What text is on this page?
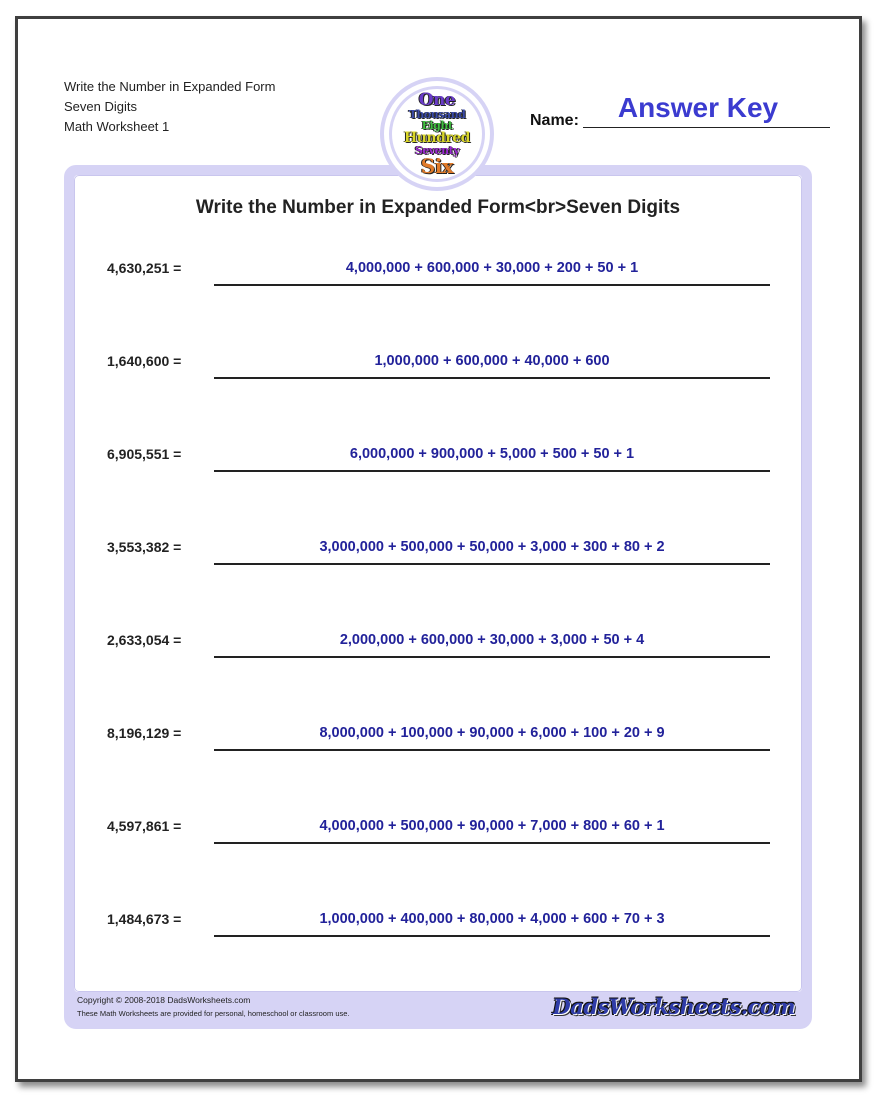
Write the Number in Expanded Form
Seven Digits
Math Worksheet 1
One
Thousand
Eight
Hundred
Seventy
Six
Name:	Answer Key
Write the Number in Expanded Form<br>Seven Digits
4,630,251 =	4,000,000 + 600,000 + 30,000 + 200 + 50 + 1
1,640,600 =	1,000,000 + 600,000 + 40,000 + 600
6,905,551 =	6,000,000 + 900,000 + 5,000 + 500 + 50 + 1
3,553,382 =	3,000,000 + 500,000 + 50,000 + 3,000 + 300 + 80 + 2
2,633,054 =	2,000,000 + 600,000 + 30,000 + 3,000 + 50 + 4
8,196,129 =	8,000,000 + 100,000 + 90,000 + 6,000 + 100 + 20 + 9
4,597,861 =	4,000,000 + 500,000 + 90,000 + 7,000 + 800 + 60 + 1
1,484,673 =	1,000,000 + 400,000 + 80,000 + 4,000 + 600 + 70 + 3
Copyright © 2008-2018 DadsWorksheets.com
These Math Worksheets are provided for personal, homeschool or classroom use.	DadsWorksheets.com
